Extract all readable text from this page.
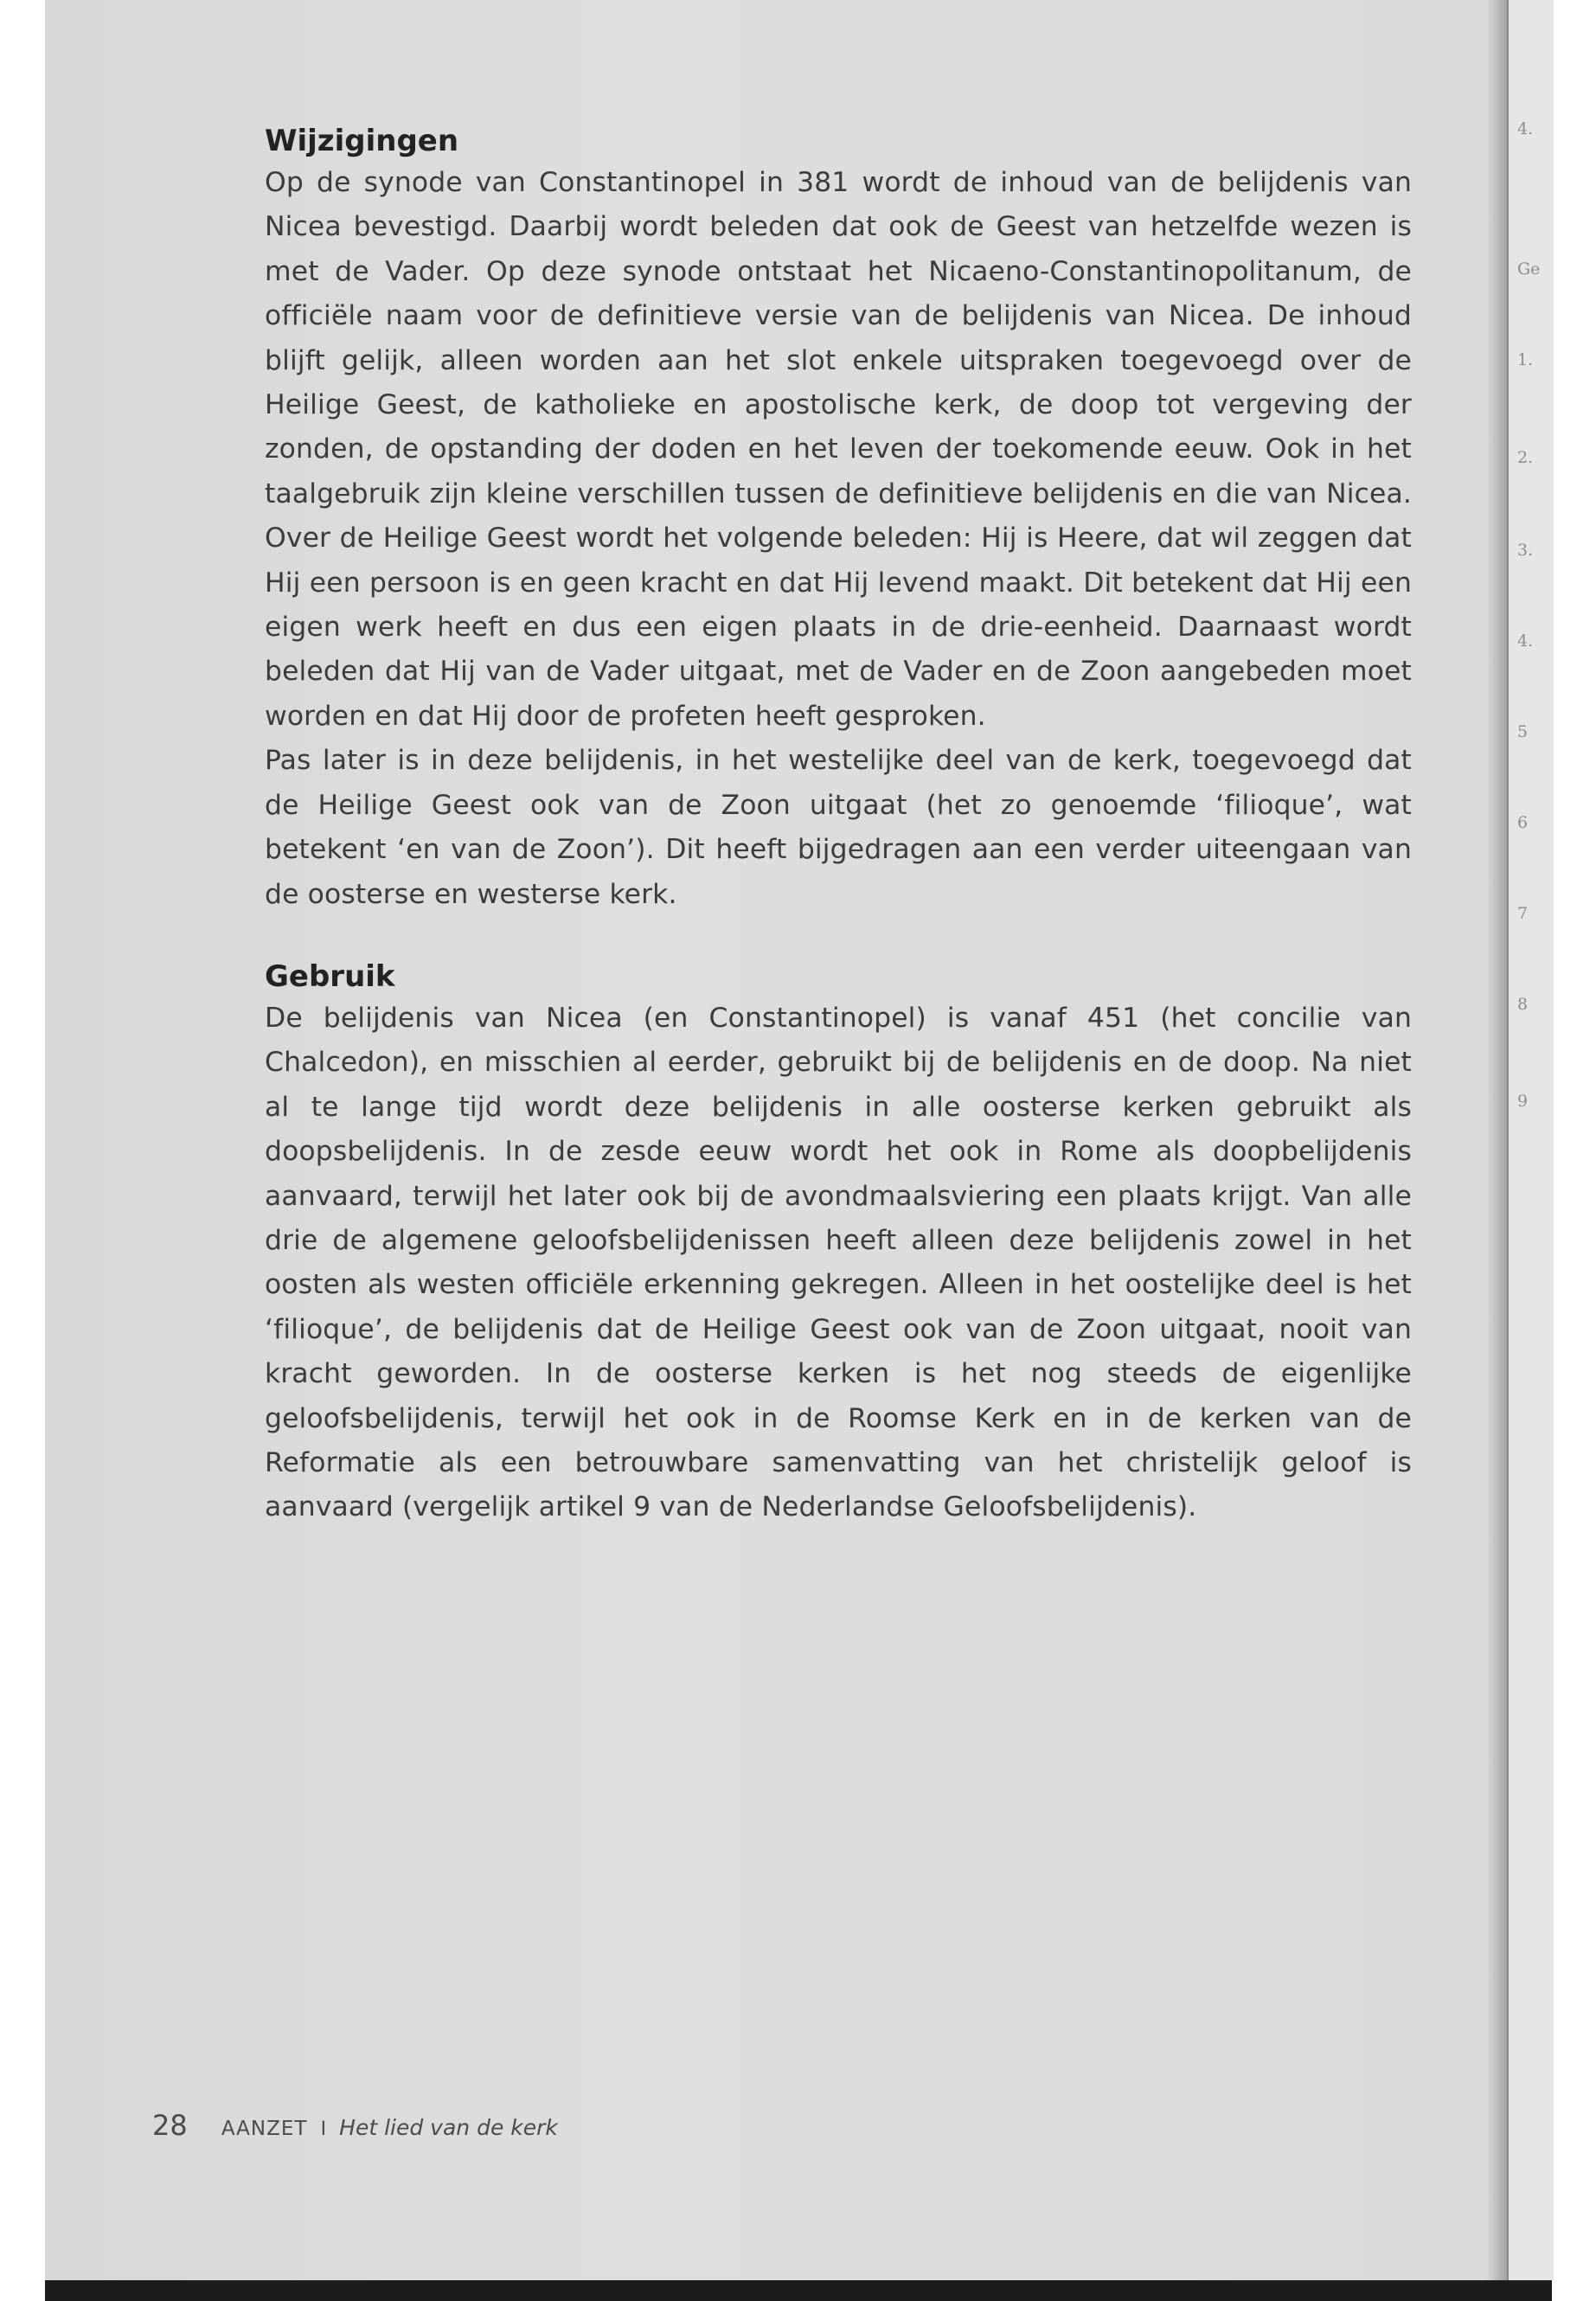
4.
Ge
1.
2.
3.
4.
5
6
7
8
9
Wijzigingen

Op de synode van Constantinopel in 381 wordt de inhoud van de belijdenis van Nicea bevestigd. Daarbij wordt beleden dat ook de Geest van hetzelfde wezen is met de Vader. Op deze synode ontstaat het Nicaeno-Constantinopolitanum, de officiële naam voor de definitieve versie van de belijdenis van Nicea. De inhoud blijft gelijk, alleen worden aan het slot enkele uitspraken toegevoegd over de Heilige Geest, de katholieke en apostolische kerk, de doop tot vergeving der zonden, de opstanding der doden en het leven der toekomende eeuw. Ook in het taalgebruik zijn kleine verschillen tussen de definitieve belijdenis en die van Nicea. Over de Heilige Geest wordt het volgende beleden: Hij is Heere, dat wil zeggen dat Hij een persoon is en geen kracht en dat Hij levend maakt. Dit betekent dat Hij een eigen werk heeft en dus een eigen plaats in de drie-eenheid. Daarnaast wordt beleden dat Hij van de Vader uitgaat, met de Vader en de Zoon aangebeden moet worden en dat Hij door de profeten heeft gesproken.

Pas later is in deze belijdenis, in het westelijke deel van de kerk, toegevoegd dat de Heilige Geest ook van de Zoon uitgaat (het zo genoemde ‘filioque’, wat betekent ‘en van de Zoon’). Dit heeft bijgedragen aan een verder uiteengaan van de oosterse en westerse kerk.

Gebruik

De belijdenis van Nicea (en Constantinopel) is vanaf 451 (het concilie van Chalcedon), en misschien al eerder, gebruikt bij de belijdenis en de doop. Na niet al te lange tijd wordt deze belijdenis in alle oosterse kerken gebruikt als doopsbelijdenis. In de zesde eeuw wordt het ook in Rome als doopbelijdenis aanvaard, terwijl het later ook bij de avondmaalsviering een plaats krijgt. Van alle drie de algemene geloofsbelijdenissen heeft alleen deze belijdenis zowel in het oosten als westen officiële erkenning gekregen. Alleen in het oostelijke deel is het ‘filioque’, de belijdenis dat de Heilige Geest ook van de Zoon uitgaat, nooit van kracht geworden. In de oosterse kerken is het nog steeds de eigenlijke geloofsbelijdenis, terwijl het ook in de Roomse Kerk en in de kerken van de Reformatie als een betrouwbare samenvatting van het christelijk geloof is aanvaard (vergelijk artikel 9 van de Nederlandse Geloofsbelijdenis).

28 AANZET I Het lied van de kerk
